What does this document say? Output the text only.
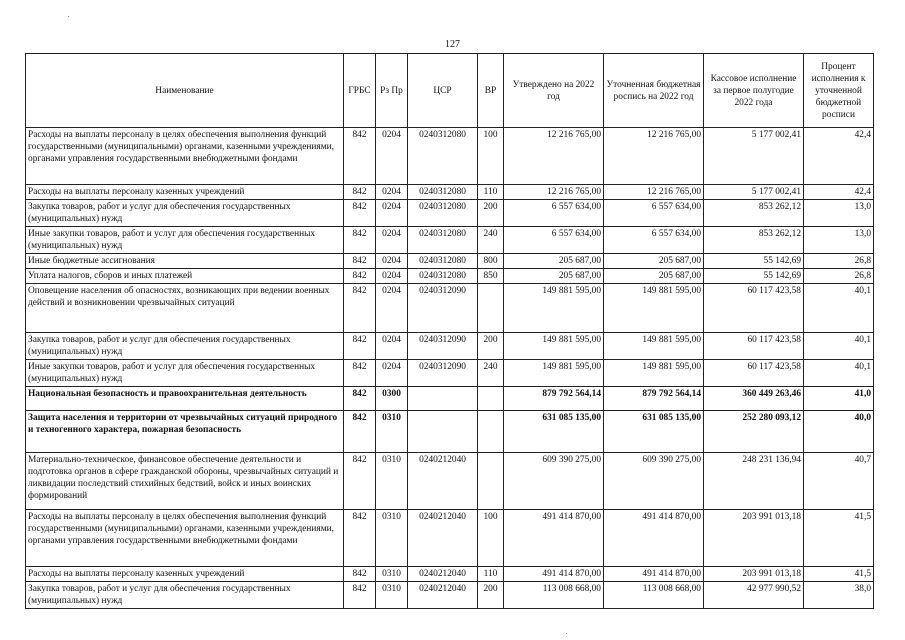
127
Наименование	ГРБС	Рз Пр	ЦСР	ВР	Утверждено на 2022 год	Уточненная бюджетная роспись на 2022 год	Кассовое исполнение за первое полугодие 2022 года	Процент исполнения к уточненной бюджетной росписи
Расходы на выплаты персоналу в целях обеспечения выполнения функций государственными (муниципальными) органами, казенными учреждениями, органами управления государственными внебюджетными фондами	842	0204	0240312080	100	12 216 765,00	12 216 765,00	5 177 002,41	42,4
Расходы на выплаты персоналу казенных учреждений	842	0204	0240312080	110	12 216 765,00	12 216 765,00	5 177 002,41	42,4
Закупка товаров, работ и услуг для обеспечения государственных (муниципальных) нужд	842	0204	0240312080	200	6 557 634,00	6 557 634,00	853 262,12	13,0
Иные закупки товаров, работ и услуг для обеспечения государственных (муниципальных) нужд	842	0204	0240312080	240	6 557 634,00	6 557 634,00	853 262,12	13,0
Иные бюджетные ассигнования	842	0204	0240312080	800	205 687,00	205 687,00	55 142,69	26,8
Уплата налогов, сборов и иных платежей	842	0204	0240312080	850	205 687,00	205 687,00	55 142,69	26,8
Оповещение населения об опасностях, возникающих при ведении военных действий и возникновении чрезвычайных ситуаций	842	0204	0240312090		149 881 595,00	149 881 595,00	60 117 423,58	40,1
Закупка товаров, работ и услуг для обеспечения государственных (муниципальных) нужд	842	0204	0240312090	200	149 881 595,00	149 881 595,00	60 117 423,58	40,1
Иные закупки товаров, работ и услуг для обеспечения государственных (муниципальных) нужд	842	0204	0240312090	240	149 881 595,00	149 881 595,00	60 117 423,58	40,1
Национальная безопасность и правоохранительная деятельность	842	0300			879 792 564,14	879 792 564,14	360 449 263,46	41,0
Защита населения и территории от чрезвычайных ситуаций природного и техногенного характера, пожарная безопасность	842	0310			631 085 135,00	631 085 135,00	252 280 093,12	40,0
Материально-техническое, финансовое обеспечение деятельности и подготовка органов в сфере гражданской обороны, чрезвычайных ситуаций и ликвидации последствий стихийных бедствий, войск и иных воинских формирований	842	0310	0240212040		609 390 275,00	609 390 275,00	248 231 136,94	40,7
Расходы на выплаты персоналу в целях обеспечения выполнения функций государственными (муниципальными) органами, казенными учреждениями, органами управления государственными внебюджетными фондами	842	0310	0240212040	100	491 414 870,00	491 414 870,00	203 991 013,18	41,5
Расходы на выплаты персоналу казенных учреждений	842	0310	0240212040	110	491 414 870,00	491 414 870,00	203 991 013,18	41,5
Закупка товаров, работ и услуг для обеспечения государственных (муниципальных) нужд	842	0310	0240212040	200	113 008 668,00	113 008 668,00	42 977 990,52	38,0
